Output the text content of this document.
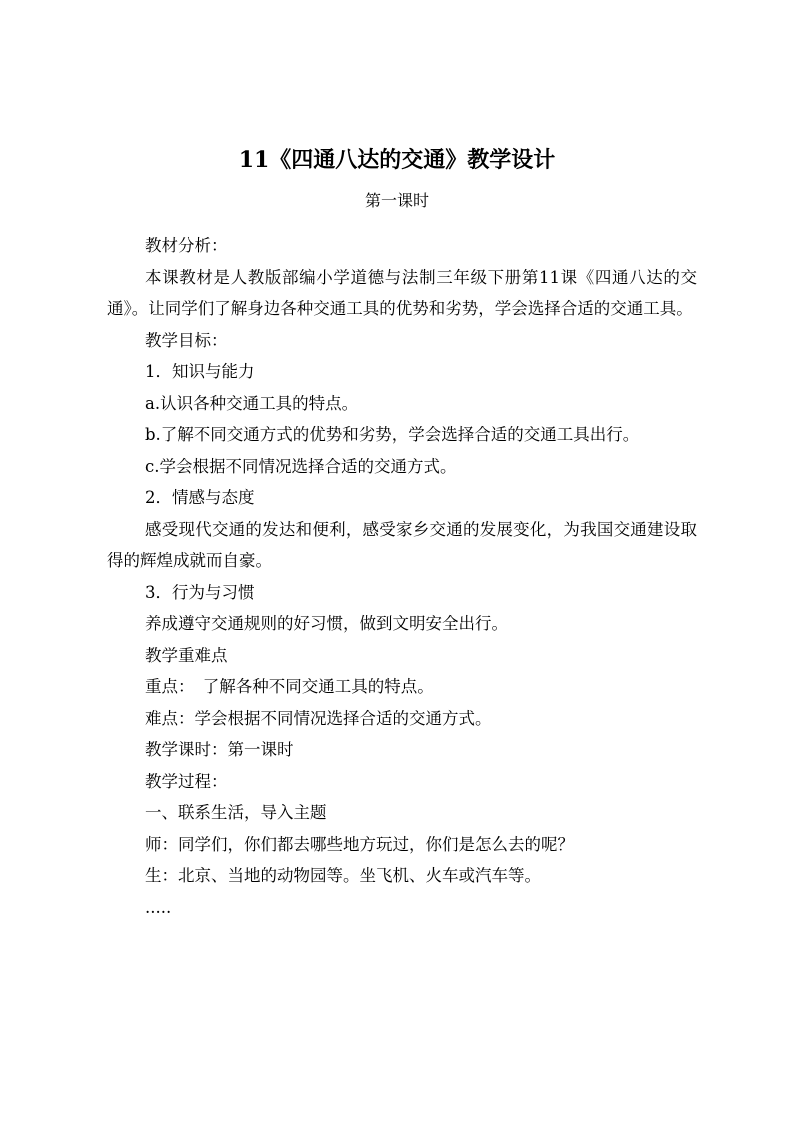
11《四通八达的交通》教学设计
第一课时

教材分析：

本课教材是人教版部编小学道德与法制三年级下册第11课《四通八达的交通》。让同学们了解身边各种交通工具的优势和劣势，学会选择合适的交通工具。

教学目标：

1．知识与能力

a.认识各种交通工具的特点。

b.了解不同交通方式的优势和劣势，学会选择合适的交通工具出行。

c.学会根据不同情况选择合适的交通方式。

2．情感与态度

感受现代交通的发达和便利，感受家乡交通的发展变化，为我国交通建设取得的辉煌成就而自豪。

3．行为与习惯

养成遵守交通规则的好习惯，做到文明安全出行。

教学重难点

重点：　了解各种不同交通工具的特点。

难点：学会根据不同情况选择合适的交通方式。

教学课时：第一课时

教学过程：

一、联系生活，导入主题

师：同学们，你们都去哪些地方玩过，你们是怎么去的呢？

生：北京、当地的动物园等。坐飞机、火车或汽车等。

.....
